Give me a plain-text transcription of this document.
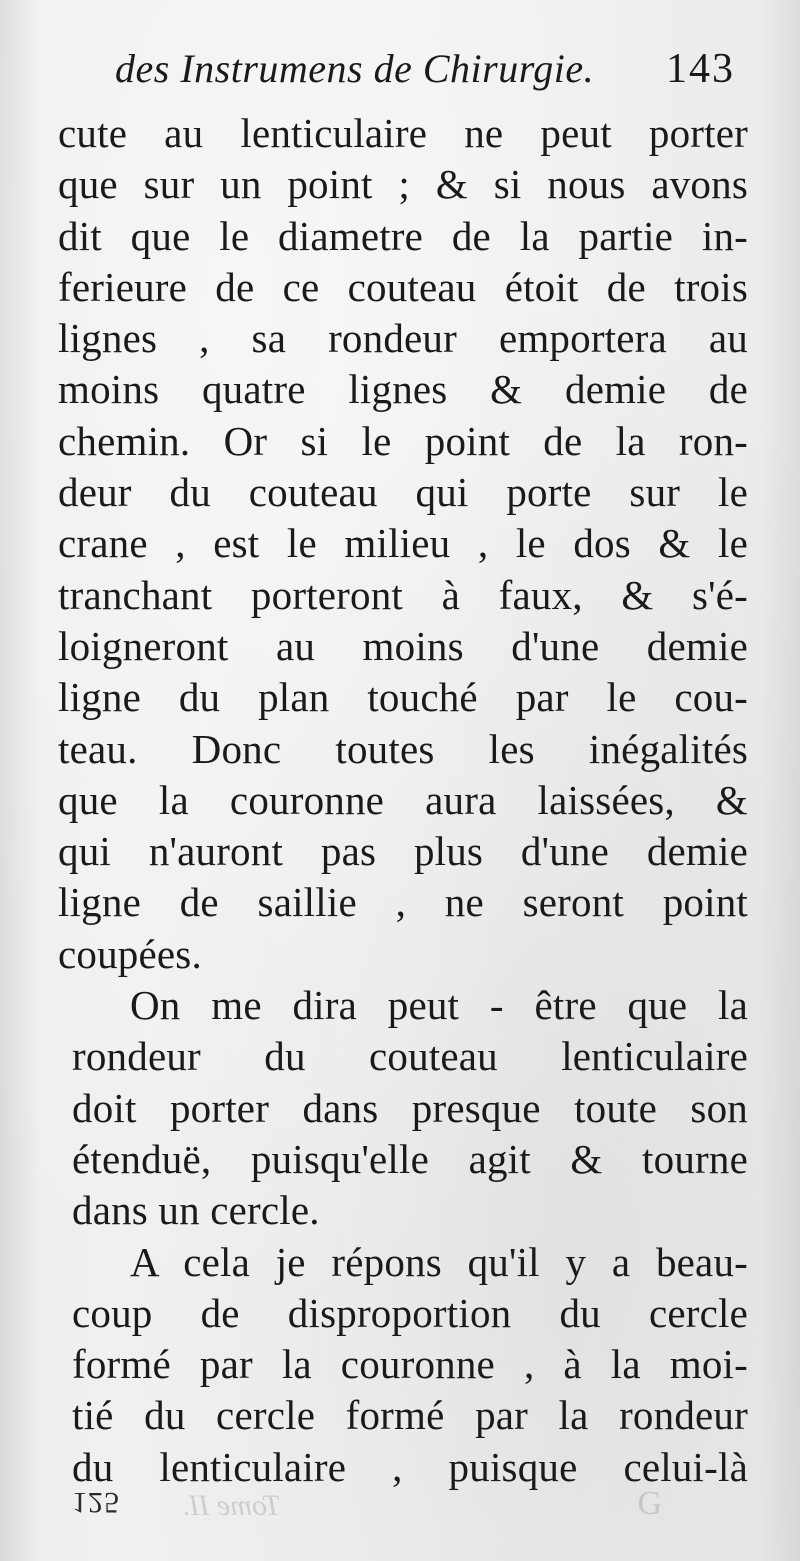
des Instrumens de Chirurgie. 143
cute au lenticulaire ne peut porter
que sur un point ; & si nous avons
dit que le diametre de la partie in-
ferieure de ce couteau étoit de trois
lignes , sa rondeur emportera au
moins quatre lignes & demie de
chemin. Or si le point de la ron-
deur du couteau qui porte sur le
crane , est le milieu , le dos & le
tranchant porteront à faux, & s'é-
loigneront au moins d'une demie
ligne du plan touché par le cou-
teau. Donc toutes les inégalités
que la couronne aura laissées, &
qui n'auront pas plus d'une demie
ligne de saillie , ne seront point
coupées.
On me dira peut - être que la
rondeur du couteau lenticulaire
doit porter dans presque toute son
étenduë, puisqu'elle agit & tourne
dans un cercle.
A cela je répons qu'il y a beau-
coup de disproportion du cercle
formé par la couronne , à la moi-
tié du cercle formé par la rondeur
du lenticulaire , puisque celui-là
125 Tome II.	G
